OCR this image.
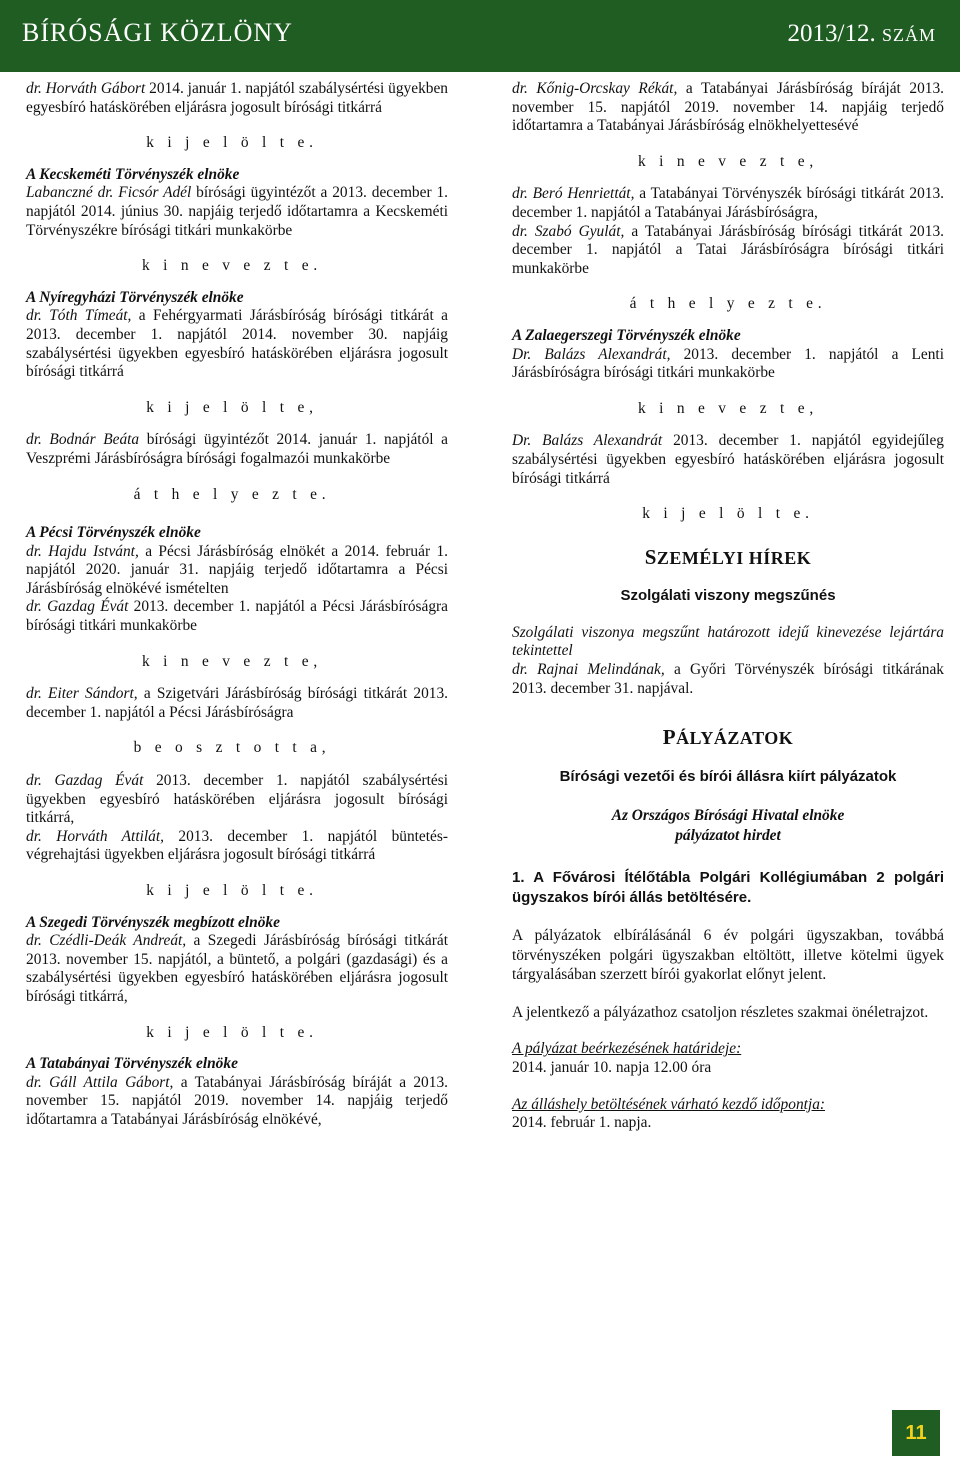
BÍRÓSÁGI KÖZLÖNY	2013/12. SZÁM

dr. Horváth Gábort 2014. január 1. napjától szabálysértési ügyekben egyesbíró hatáskörében eljárásra jogosult bírósági titkárrá

k i j e l ö l t e.

A Kecskeméti Törvényszék elnöke

Labanczné dr. Ficsór Adél bírósági ügyintézőt a 2013. december 1. napjától 2014. június 30. napjáig terjedő időtartamra a Kecskeméti Törvényszékre bírósági titkári munkakörbe

k i n e v e z t e.

A Nyíregyházi Törvényszék elnöke

dr. Tóth Tímeát, a Fehérgyarmati Járásbíróság bírósági titkárát a 2013. december 1. napjától 2014. november 30. napjáig szabálysértési ügyekben egyesbíró hatáskörében eljárásra jogosult bírósági titkárrá

k i j e l ö l t e,

dr. Bodnár Beáta bírósági ügyintézőt 2014. január 1. napjától a Veszprémi Járásbíróságra bírósági fogalmazói munkakörbe

á t h e l y e z t e.

A Pécsi Törvényszék elnöke

dr. Hajdu Istvánt, a Pécsi Járásbíróság elnökét a 2014. február 1. napjától 2020. január 31. napjáig terjedő időtartamra a Pécsi Járásbíróság elnökévé ismételten

dr. Gazdag Évát 2013. december 1. napjától a Pécsi Járásbíróságra bírósági titkári munkakörbe

k i n e v e z t e,

dr. Eiter Sándort, a Szigetvári Járásbíróság bírósági titkárát 2013. december 1. napjától a Pécsi Járásbíróságra

b e o s z t o t t a,

dr. Gazdag Évát 2013. december 1. napjától szabálysértési ügyekben egyesbíró hatáskörében eljárásra jogosult bírósági titkárrá,

dr. Horváth Attilát, 2013. december 1. napjától büntetés-végrehajtási ügyekben eljárásra jogosult bírósági titkárrá

k i j e l ö l t e.

A Szegedi Törvényszék megbízott elnöke

dr. Czédli-Deák Andreát, a Szegedi Járásbíróság bírósági titkárát 2013. november 15. napjától, a büntető, a polgári (gazdasági) és a szabálysértési ügyekben egyesbíró hatáskörében eljárásra jogosult bírósági titkárrá,

k i j e l ö l t e.

A Tatabányai Törvényszék elnöke

dr. Gáll Attila Gábort, a Tatabányai Járásbíróság bíráját a 2013. november 15. napjától 2019. november 14. napjáig terjedő időtartamra a Tatabányai Járásbíróság elnökévé,

dr. Kőnig-Orcskay Rékát, a Tatabányai Járásbíróság bíráját 2013. november 15. napjától 2019. november 14. napjáig terjedő időtartamra a Tatabányai Járásbíróság elnökhelyettesévé

k i n e v e z t e,

dr. Beró Henriettát, a Tatabányai Törvényszék bírósági titkárát 2013. december 1. napjától a Tatabányai Járásbíróságra,

dr. Szabó Gyulát, a Tatabányai Járásbíróság bírósági titkárát 2013. december 1. napjától a Tatai Járásbíróságra bírósági titkári munkakörbe

á t h e l y e z t e.

A Zalaegerszegi Törvényszék elnöke

Dr. Balázs Alexandrát, 2013. december 1. napjától a Lenti Járásbíróságra bírósági titkári munkakörbe

k i n e v e z t e,

Dr. Balázs Alexandrát 2013. december 1. napjától egyidejűleg szabálysértési ügyekben egyesbíró hatáskörében eljárásra jogosult bírósági titkárrá

k i j e l ö l t e.

SZEMÉLYI HÍREK

Szolgálati viszony megszűnés

Szolgálati viszonya megszűnt határozott idejű kinevezése lejártára tekintettel

dr. Rajnai Melindának, a Győri Törvényszék bírósági titkárának 2013. december 31. napjával.

PÁLYÁZATOK

Bírósági vezetői és bírói állásra kiírt pályázatok

Az Országos Bírósági Hivatal elnöke

pályázatot hirdet

1. A Fővárosi Ítélőtábla Polgári Kollégiumában 2 polgári ügyszakos bírói állás betöltésére.

A pályázatok elbírálásánál 6 év polgári ügyszakban, továbbá törvényszéken polgári ügyszakban eltöltött, illetve kötelmi ügyek tárgyalásában szerzett bírói gyakorlat előnyt jelent.

A jelentkező a pályázathoz csatoljon részletes szakmai önéletrajzot.

A pályázat beérkezésének határideje:

2014. január 10. napja 12.00 óra

Az álláshely betöltésének várható kezdő időpontja:

2014. február 1. napja.

11
